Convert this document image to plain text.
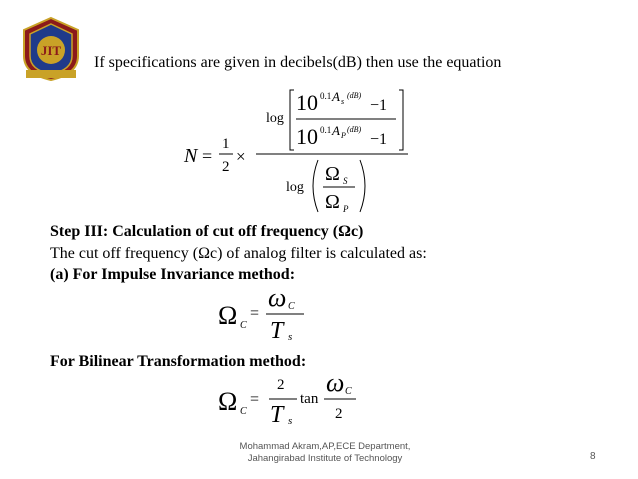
JIT
If specifications are given in decibels(dB) then use the equation
N =
1
2
×
log
10 0.1 A s
(dB)
−1
10 0.1 A P
(dB)
−1
log
Ω S
Ω P
Step III: Calculation of cut off frequency (Ωc)
The cut off frequency (Ωc) of analog filter is calculated as:
(a) For Impulse Invariance method:
Ω C
=
ω C
T s
For Bilinear Transformation method:
Ω C
=
2
T s
tan
ω C
2
Mohammad Akram,AP,ECE Department,
Jahangirabad Institute of Technology	8
